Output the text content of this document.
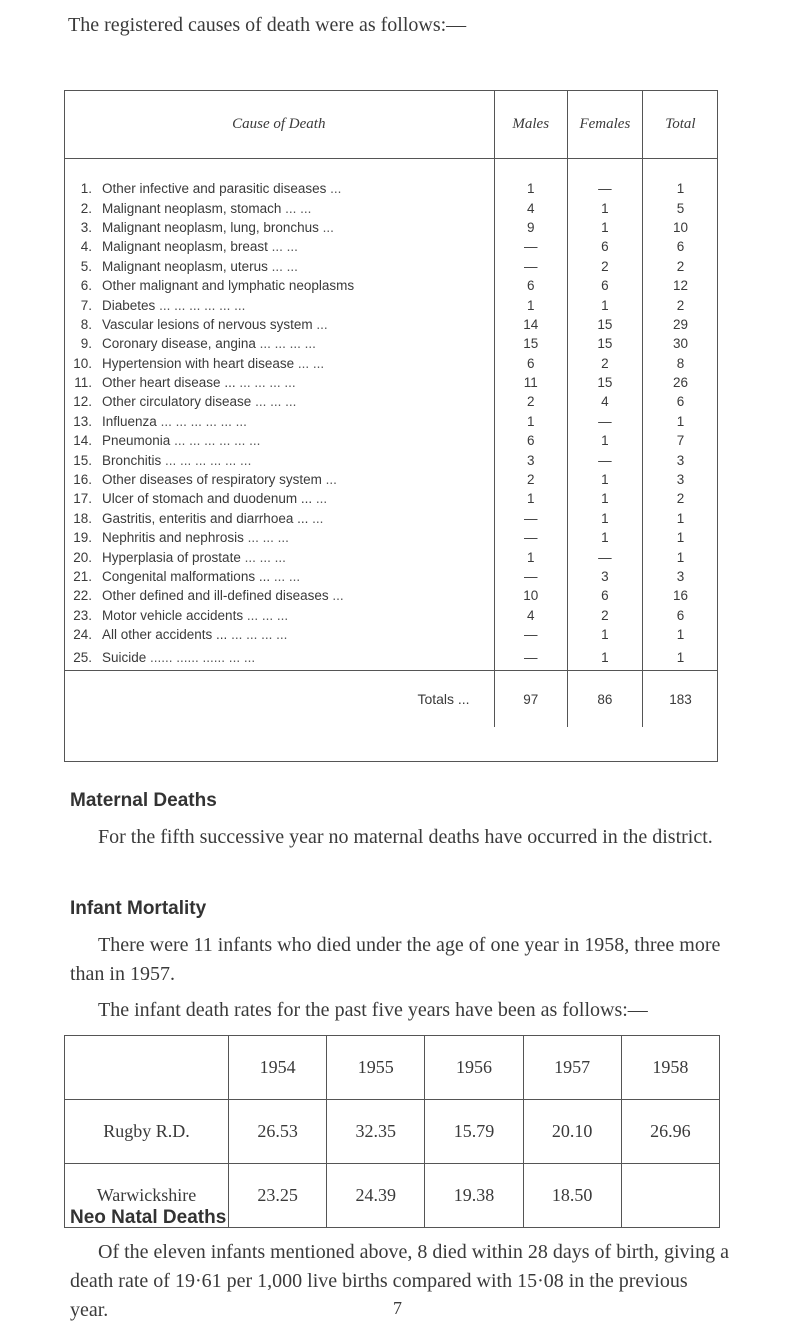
The registered causes of death were as follows:—
Cause of Death	Males	Females	Total

1. Other infective and parasitic diseases ...	1	—	1
2. Malignant neoplasm, stomach ... ...	4	1	5
3. Malignant neoplasm, lung, bronchus ...	9	1	10
4. Malignant neoplasm, breast ... ...	—	6	6
5. Malignant neoplasm, uterus ... ...	—	2	2
6. Other malignant and lymphatic neoplasms	6	6	12
7. Diabetes ... ... ... ... ... ...	1	1	2
8. Vascular lesions of nervous system ...	14	15	29
9. Coronary disease, angina ... ... ... ...	15	15	30
10. Hypertension with heart disease ... ...	6	2	8
11. Other heart disease ... ... ... ... ...	11	15	26
12. Other circulatory disease ... ... ...	2	4	6
13. Influenza ... ... ... ... ... ...	1	—	1
14. Pneumonia ... ... ... ... ... ...	6	1	7
15. Bronchitis ... ... ... ... ... ...	3	—	3
16. Other diseases of respiratory system ...	2	1	3
17. Ulcer of stomach and duodenum ... ...	1	1	2
18. Gastritis, enteritis and diarrhoea ... ...	—	1	1
19. Nephritis and nephrosis ... ... ...	—	1	1
20. Hyperplasia of prostate ... ... ...	1	—	1
21. Congenital malformations ... ... ...	—	3	3
22. Other defined and ill-defined diseases ...	10	6	16
23. Motor vehicle accidents ... ... ...	4	2	6
24. All other accidents ... ... ... ... ...	—	1	1
25. Suicide ...... ...... ...... ... ...	—	1	1
Totals ...	97	86	183
Maternal Deaths

For the fifth successive year no maternal deaths have occurred in the district.

Infant Mortality

There were 11 infants who died under the age of one year in 1958, three more than in 1957.

The infant death rates for the past five years have been as follows:—

	1954	1955	1956	1957	1958
Rugby R.D.	26.53	32.35	15.79	20.10	26.96
Warwickshire	23.25	24.39	19.38	18.50	
Neo Natal Deaths

Of the eleven infants mentioned above, 8 died within 28 days of birth, giving a death rate of 19·61 per 1,000 live births compared with 15·08 in the previous year.	7
